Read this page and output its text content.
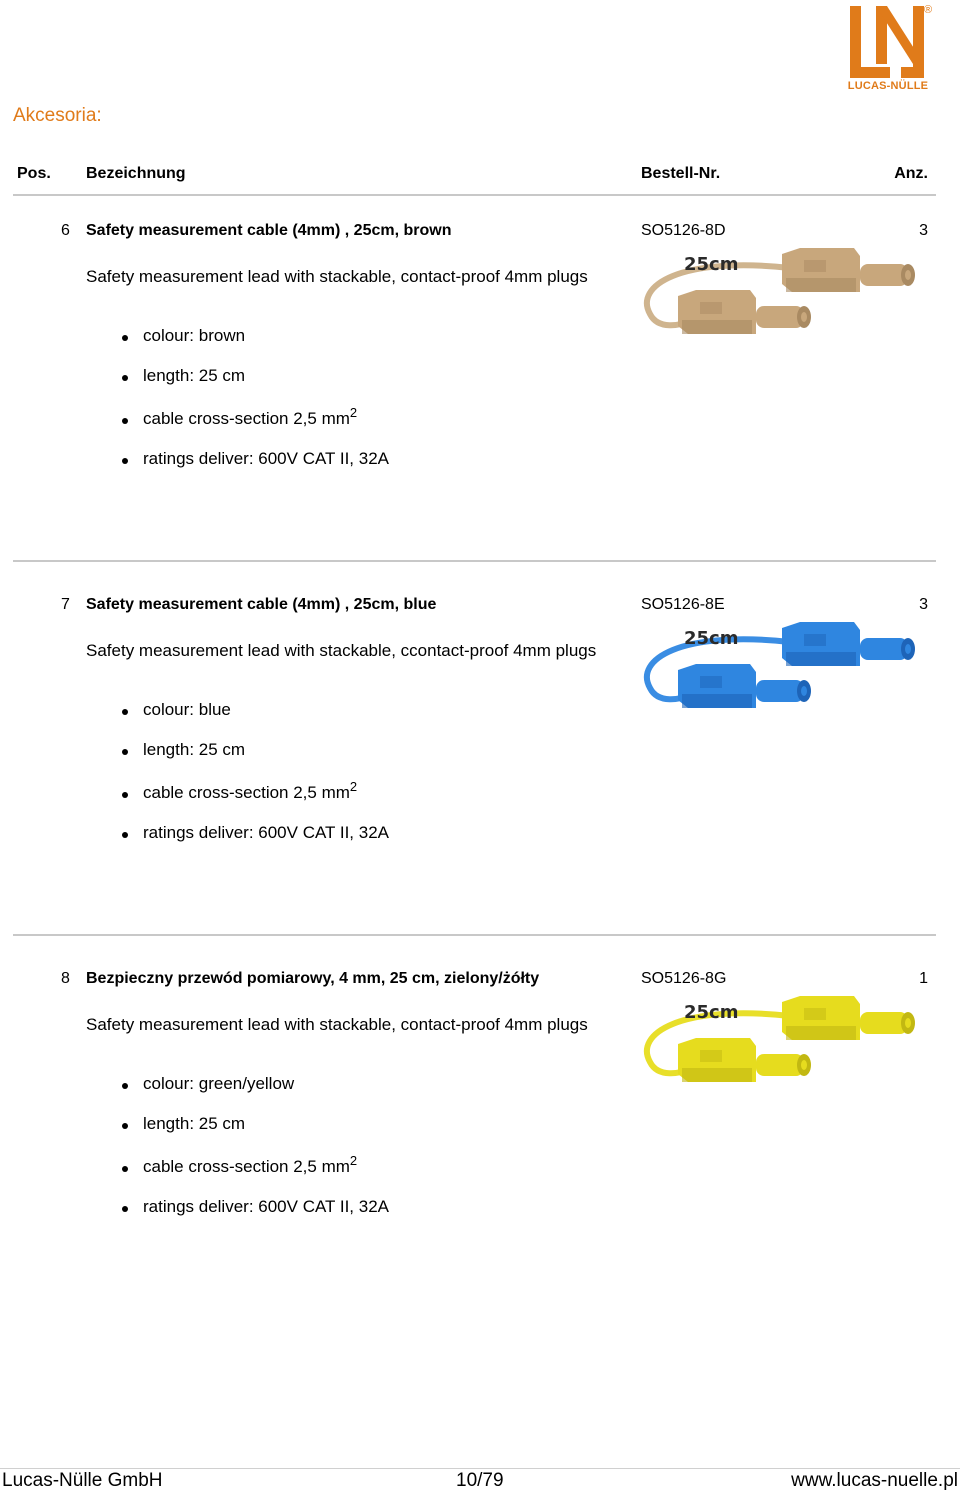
®
LUCAS-NÜLLE
Akcesoria:
Pos. Bezeichnung	Bestell-Nr.	Anz.
6 Safety measurement cable (4mm) , 25cm, brown	SO5126-8D	3
Safety measurement lead with stackable, contact-proof 4mm plugs
colour: brown
length: 25 cm
cable cross-section 2,5 $mm^2$
ratings deliver: 600V CAT II, 32A
25cm
7 Safety measurement cable (4mm) , 25cm, blue	SO5126-8E	3
Safety measurement lead with stackable, ccontact-proof 4mm plugs
colour: blue
length: 25 cm
cable cross-section 2,5 $mm^2$
ratings deliver: 600V CAT II, 32A
25cm
8 Bezpieczny przewód pomiarowy, 4 mm, 25 cm, zielony/żółty	SO5126-8G	1
Safety measurement lead with stackable, contact-proof 4mm plugs
colour: green/yellow
length: 25 cm
cable cross-section 2,5 $mm^2$
ratings deliver: 600V CAT II, 32A
25cm
Lucas-Nülle GmbH	10/79	www.lucas-nuelle.pl
